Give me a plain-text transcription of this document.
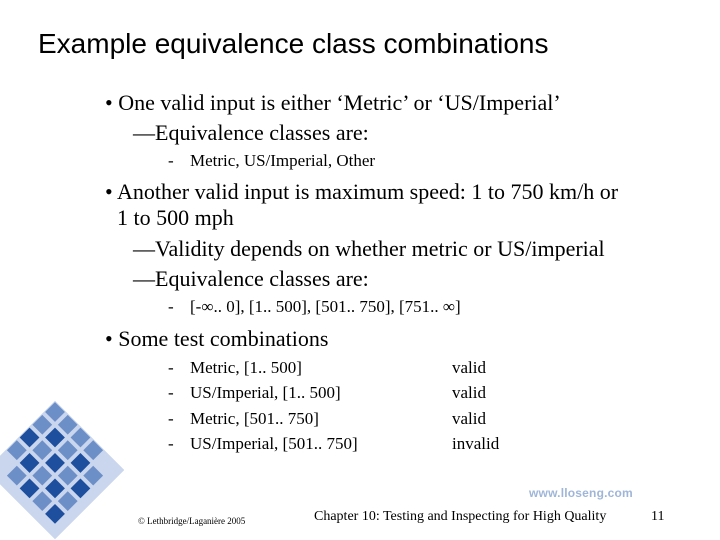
Example equivalence class combinations
• One valid input is either ‘Metric’ or ‘US/Imperial’
—Equivalence classes are:
- Metric, US/Imperial, Other
• Another valid input is maximum speed: 1 to 750 km/h or
1 to 500 mph
—Validity depends on whether metric or US/imperial
—Equivalence classes are:
- [-∞.. 0], [1.. 500], [501.. 750], [751.. ∞]
• Some test combinations
- Metric, [1.. 500]	valid
- US/Imperial, [1.. 500]	valid
- Metric, [501.. 750]	valid
- US/Imperial, [501.. 750]	invalid
www.lloseng.com
© Lethbridge/Laganière 2005	Chapter 10: Testing and Inspecting for High Quality	11
